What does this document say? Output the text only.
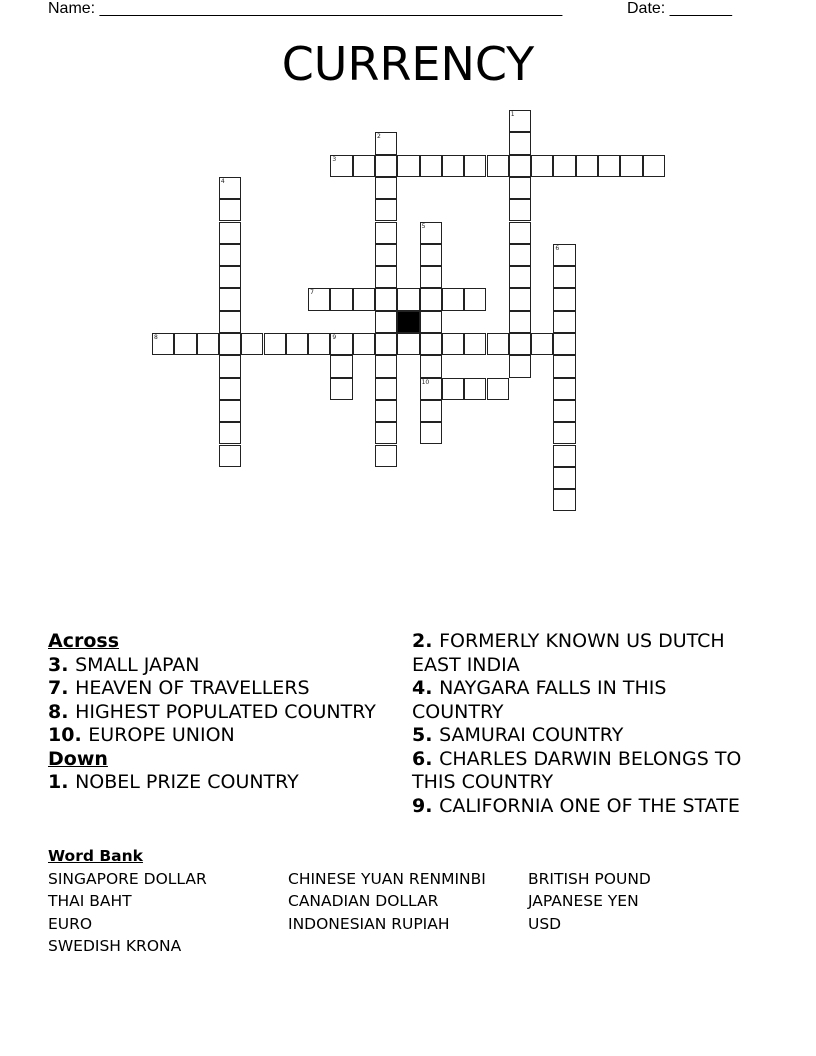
Name: ____________________________________________________	Date: _______
CURRENCY
1
2
3
4
5
10
6
7
8	9
Across
3. SMALL JAPAN
7. HEAVEN OF TRAVELLERS
8. HIGHEST POPULATED COUNTRY
10. EUROPE UNION
Down
1. NOBEL PRIZE COUNTRY
2. FORMERLY KNOWN US DUTCH EAST INDIA
4. NAYGARA FALLS IN THIS COUNTRY
5. SAMURAI COUNTRY
6. CHARLES DARWIN BELONGS TO THIS COUNTRY
9. CALIFORNIA ONE OF THE STATE
Word Bank
SINGAPORE DOLLAR	CHINESE YUAN RENMINBI	BRITISH POUND
THAI BAHT	CANADIAN DOLLAR	JAPANESE YEN
EURO	INDONESIAN RUPIAH	USD
SWEDISH KRONA
